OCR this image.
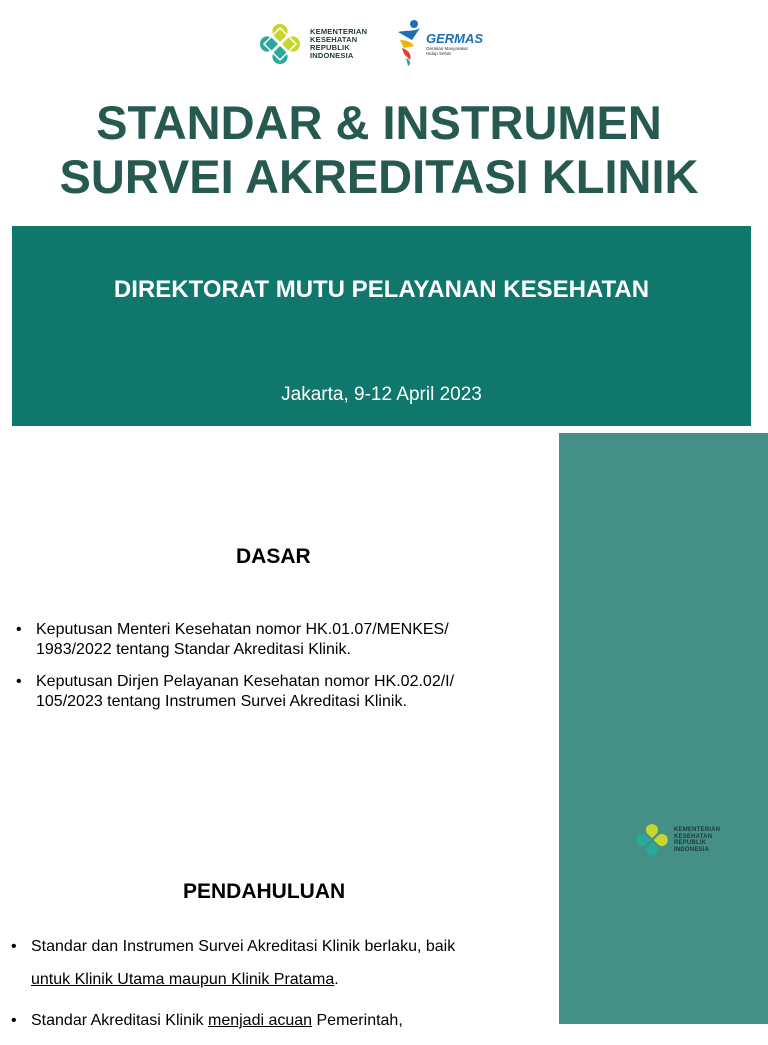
KEMENTERIAN
KESEHATAN
REPUBLIK
INDONESIA
GERMAS
Gerakan Masyarakat
Hidup Sehat
STANDAR & INSTRUMEN
SURVEI AKREDITASI KLINIK
DIREKTORAT MUTU PELAYANAN KESEHATAN
Jakarta, 9-12 April 2023
KEMENTERIAN
KESEHATAN
REPUBLIK
INDONESIA
DASAR
• Keputusan Menteri Kesehatan nomor HK.01.07/MENKES/
1983/2022 tentang Standar Akreditasi Klinik.
• Keputusan Dirjen Pelayanan Kesehatan nomor HK.02.02/I/
105/2023 tentang Instrumen Survei Akreditasi Klinik.
PENDAHULUAN
• Standar dan Instrumen Survei Akreditasi Klinik berlaku, baik
untuk Klinik Utama maupun Klinik Pratama.
• Standar Akreditasi Klinik menjadi acuan Pemerintah,
